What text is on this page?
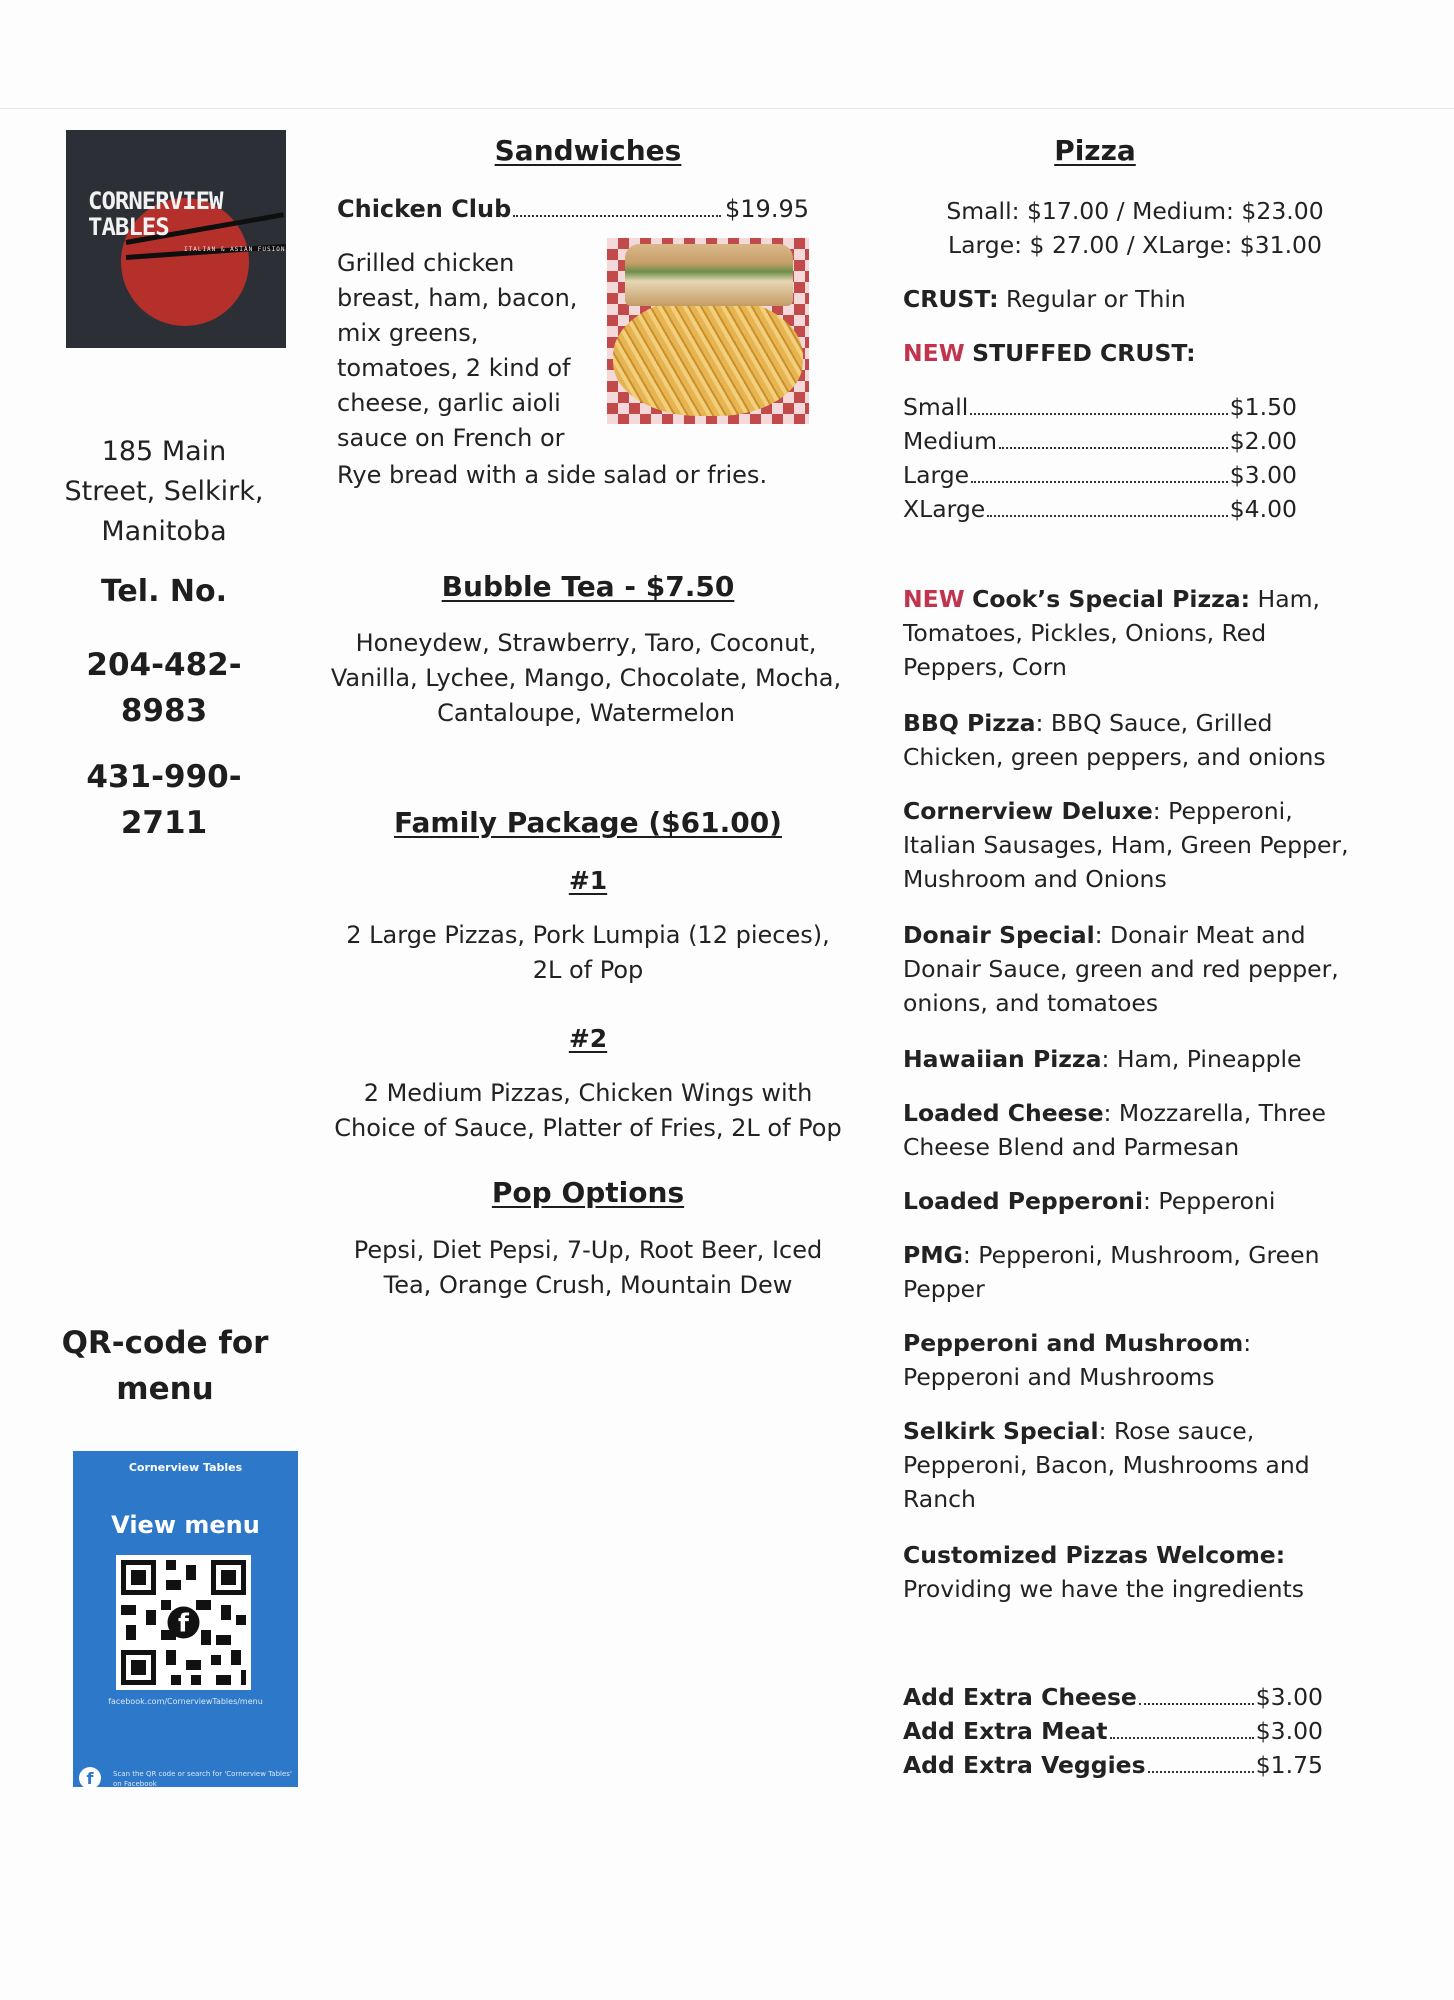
CORNERVIEW TABLES
ITALIAN & ASIAN FUSION
185 Main Street, Selkirk, Manitoba
Tel. No.
204-482-8983
431-990-2711
QR-code for menu
Cornerview Tables
View menu
f
facebook.com/CornerviewTables/menu
f	Scan the QR code or search for 'Cornerview Tables' on Facebook
Sandwiches
Chicken Club	$19.95
Grilled chicken
breast, ham, bacon,
mix greens,
tomatoes, 2 kind of
cheese, garlic aioli
sauce on French or
Rye bread with a side salad or fries.
Bubble Tea - $7.50
Honeydew, Strawberry, Taro, Coconut, Vanilla, Lychee, Mango, Chocolate, Mocha, Cantaloupe, Watermelon
Family Package ($61.00)
#1
2 Large Pizzas, Pork Lumpia (12 pieces), 2L of Pop
#2
2 Medium Pizzas, Chicken Wings with Choice of Sauce, Platter of Fries, 2L of Pop
Pop Options
Pepsi, Diet Pepsi, 7-Up, Root Beer, Iced Tea, Orange Crush, Mountain Dew
Pizza
Small: $17.00 / Medium: $23.00
Large: $ 27.00 / XLarge: $31.00
CRUST: Regular or Thin
NEW STUFFED CRUST:
Small	$1.50
Medium	$2.00
Large	$3.00
XLarge	$4.00
NEW Cook’s Special Pizza: Ham, Tomatoes, Pickles, Onions, Red Peppers, Corn
BBQ Pizza: BBQ Sauce, Grilled Chicken, green peppers, and onions
Cornerview Deluxe: Pepperoni, Italian Sausages, Ham, Green Pepper, Mushroom and Onions
Donair Special: Donair Meat and Donair Sauce, green and red pepper, onions, and tomatoes
Hawaiian Pizza: Ham, Pineapple
Loaded Cheese: Mozzarella, Three Cheese Blend and Parmesan
Loaded Pepperoni: Pepperoni
PMG: Pepperoni, Mushroom, Green Pepper
Pepperoni and Mushroom: Pepperoni and Mushrooms
Selkirk Special: Rose sauce, Pepperoni, Bacon, Mushrooms and Ranch
Customized Pizzas Welcome:
Providing we have the ingredients
Add Extra Cheese	$3.00
Add Extra Meat	$3.00
Add Extra Veggies	$1.75
